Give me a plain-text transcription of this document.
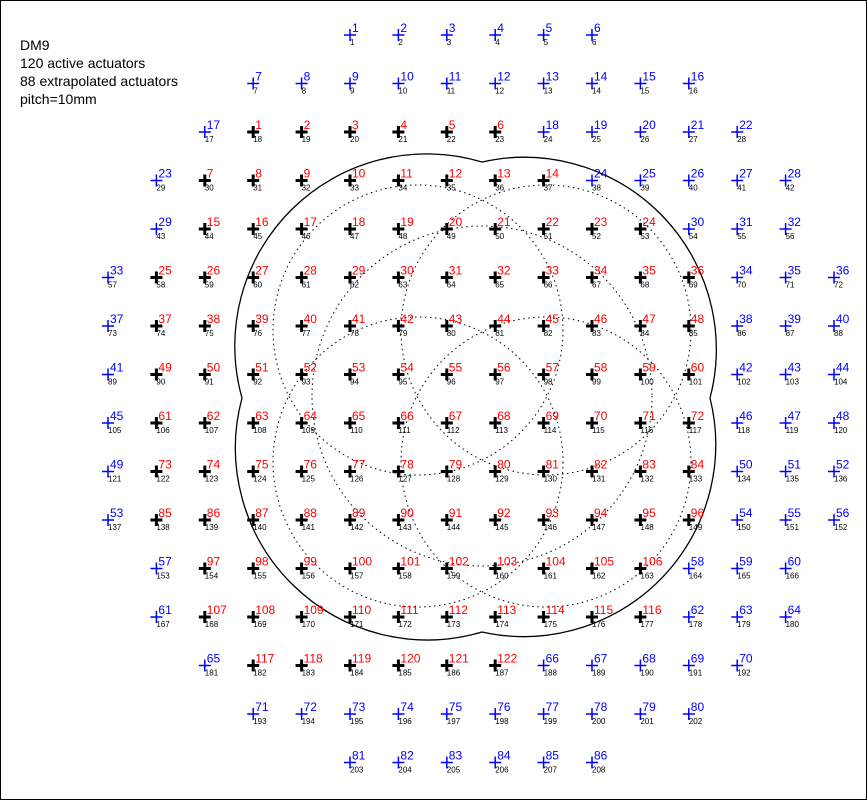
DM9
120 active actuators
88 extrapolated actuators
pitch=10mm
1
1
2
2
3
3
4
4
5
5
6
6
7
7
8
8
9
9
10
10
11
11
12
12
13
13
14
14
15
15
16
16
17
17
1
18
2
19
3
20
4
21
5
22
6
23
18
24
19
25
20
26
21
27
22
28
23
29
7
30
8
31
9
32
10
33
11
34
12
35
13
36
14
37
24
38
25
39
26
40
27
41
28
42
29
43
15
44
16
45
17
46
18
47
19
48
20
49
21
50
22
51
23
52
24
53
30
54
31
55
32
56
33
57
25
58
26
59
27
60
28
61
29
62
30
63
31
64
32
65
33
66
34
67
35
68
36
69
34
70
35
71
36
72
37
73
37
74
38
75
39
76
40
77
41
78
42
79
43
80
44
81
45
82
46
83
47
84
48
85
38
86
39
87
40
88
41
89
49
90
50
91
51
92
52
93
53
94
54
95
55
96
56
97
57
98
58
99
59
100
60
101
42
102
43
103
44
104
45
105
61
106
62
107
63
108
64
109
65
110
66
111
67
112
68
113
69
114
70
115
71
116
72
117
46
118
47
119
48
120
49
121
73
122
74
123
75
124
76
125
77
126
78
127
79
128
80
129
81
130
82
131
83
132
84
133
50
134
51
135
52
136
53
137
85
138
86
139
87
140
88
141
89
142
90
143
91
144
92
145
93
146
94
147
95
148
96
149
54
150
55
151
56
152
57
153
97
154
98
155
99
156
100
157
101
158
102
159
103
160
104
161
105
162
106
163
58
164
59
165
60
166
61
167
107
168
108
169
109
170
110
171
111
172
112
173
113
174
114
175
115
176
116
177
62
178
63
179
64
180
65
181
117
182
118
183
119
184
120
185
121
186
122
187
66
188
67
189
68
190
69
191
70
192
71
193
72
194
73
195
74
196
75
197
76
198
77
199
78
200
79
201
80
202
81
203
82
204
83
205
84
206
85
207
86
208
